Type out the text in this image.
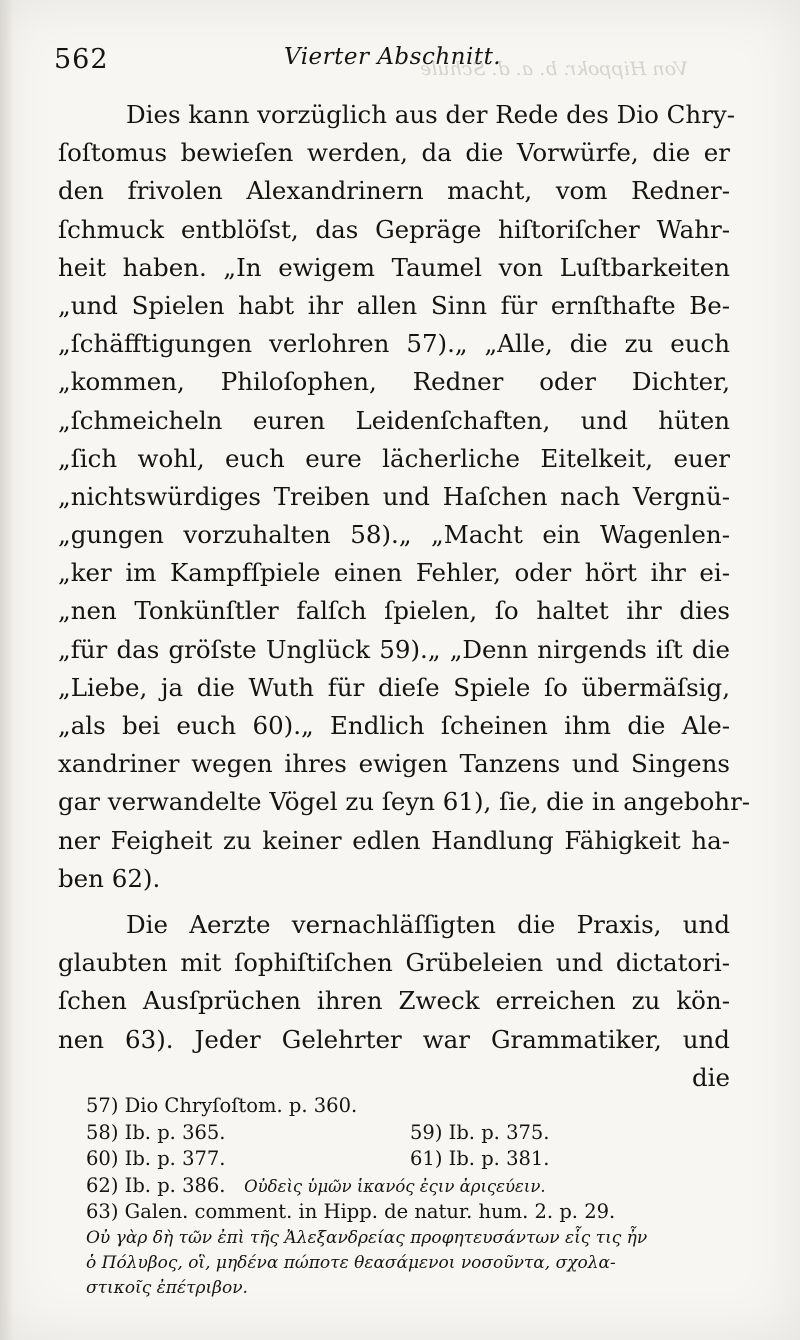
562	Vierter Abschnitt.
Von Hippokr. b. a. d. Schule
Dies kann vorzüglich aus der Rede des Dio Chry-
ſoſtomus bewieſen werden, da die Vorwürfe, die er
den frivolen Alexandrinern macht, vom Redner-
ſchmuck entblöſst, das Gepräge hiſtoriſcher Wahr-
heit haben. „In ewigem Taumel von Luſtbarkeiten
„und Spielen habt ihr allen Sinn für ernſthafte Be-
„ſchäfftigungen verlohren 57).„ „Alle, die zu euch
„kommen, Philoſophen, Redner oder Dichter,
„ſchmeicheln euren Leidenſchaften, und hüten
„ſich wohl, euch eure lächerliche Eitelkeit, euer
„nichtswürdiges Treiben und Haſchen nach Vergnü-
„gungen vorzuhalten 58).„ „Macht ein Wagenlen-
„ker im Kampfſpiele einen Fehler, oder hört ihr ei-
„nen Tonkünſtler falſch ſpielen, ſo haltet ihr dies
„für das gröſste Unglück 59).„ „Denn nirgends iſt die
„Liebe, ja die Wuth für dieſe Spiele ſo übermäſsig,
„als bei euch 60).„ Endlich ſcheinen ihm die Ale-
xandriner wegen ihres ewigen Tanzens und Singens
gar verwandelte Vögel zu ſeyn 61), ſie, die in angebohr-
ner Feigheit zu keiner edlen Handlung Fähigkeit ha-
ben 62).
Die Aerzte vernachläſſigten die Praxis, und
glaubten mit ſophiſtiſchen Grübeleien und dictatori-
ſchen Ausſprüchen ihren Zweck erreichen zu kön-
nen 63). Jeder Gelehrter war Grammatiker, und
die
57) Dio Chryſoſtom. p. 360.
58) Ib. p. 365.	59) Ib. p. 375.
60) Ib. p. 377.	61) Ib. p. 381.
62) Ib. p. 386. Οὐδεὶς ὑμῶν ἱκανός ἐςιν ἀριςεύειν.
63) Galen. comment. in Hipp. de natur. hum. 2. p. 29.
Οὐ γὰρ δὴ τῶν ἐπὶ τῆς Ἀλεξανδρείας προφητευσάντων εἷς τις ἦν
ὁ Πόλυβος, οἳ, μηδένα πώποτε θεασάμενοι νοσοῦντα, σχολα-
στικοῖς ἐπέτριβον.
